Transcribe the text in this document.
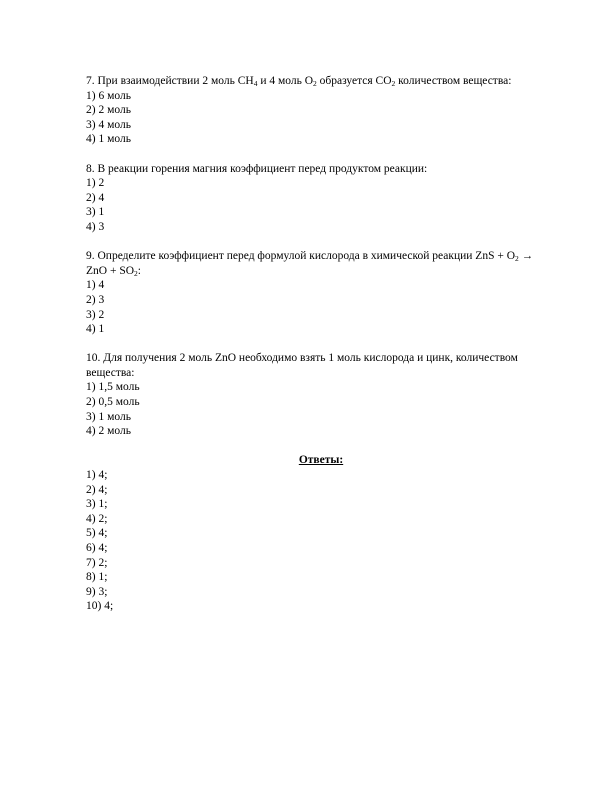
7. При взаимодействии 2 моль $CH_4$ и 4 моль $O_2$ образуется $CO_2$ количеством вещества:
1) 6 моль
2) 2 моль
3) 4 моль
4) 1 моль
8. В реакции горения магния коэффициент перед продуктом реакции:
1) 2
2) 4
3) 1
4) 3
9. Определите коэффициент перед формулой кислорода в химической реакции ZnS + $O_2$ →
ZnO + $SO_2$:
1) 4
2) 3
3) 2
4) 1
10. Для получения 2 моль ZnO необходимо взять 1 моль кислорода и цинк, количеством
вещества:
1) 1,5 моль
2) 0,5 моль
3) 1 моль
4) 2 моль
Ответы:
1) 4;
2) 4;
3) 1;
4) 2;
5) 4;
6) 4;
7) 2;
8) 1;
9) 3;
10) 4;
